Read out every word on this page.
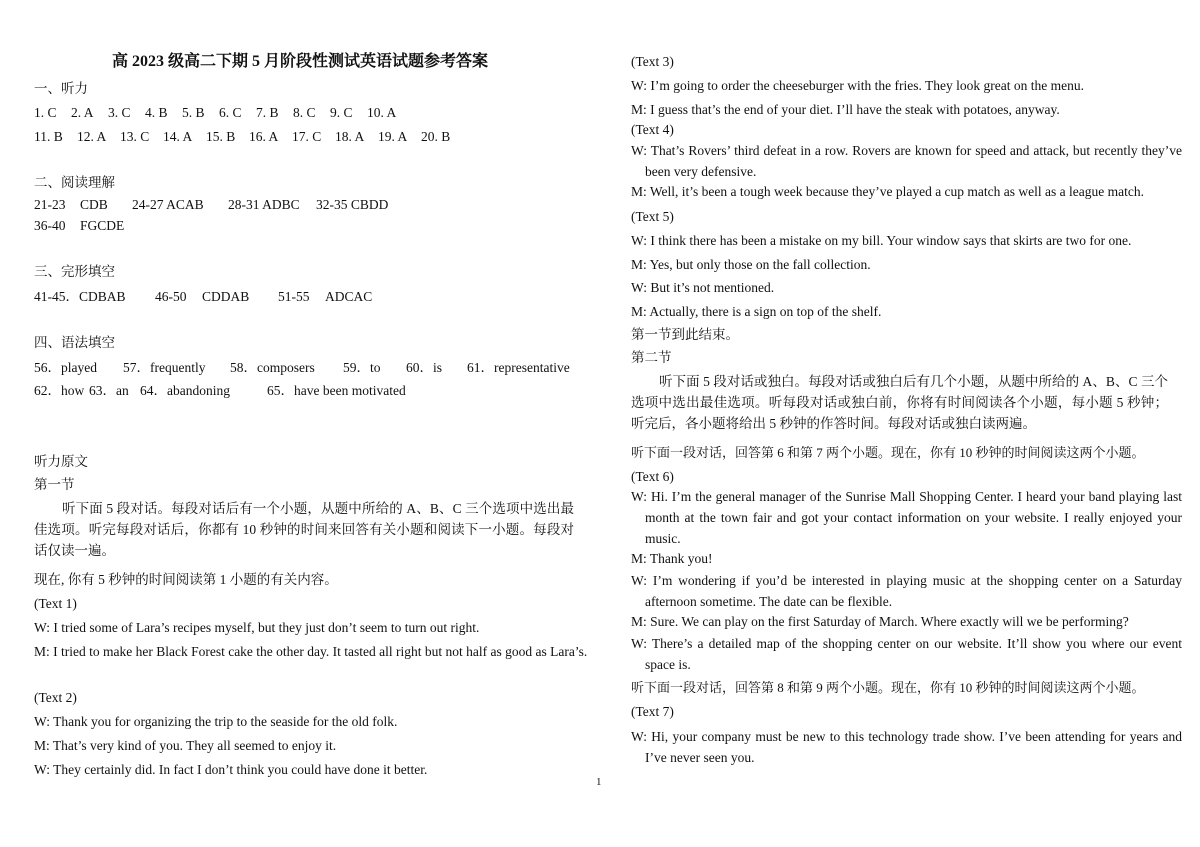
高 2023 级高二下期 5 月阶段性测试英语试题参考答案
一、听力
1. C 2. A 3. C 4. B 5. B 6. C 7. B 8. C 9. C 10. A
11. B 12. A 13. C 14. A 15. B 16. A 17. C 18. A 19. A 20. B
二、阅读理解
21-23 CDB 24-27 ACAB 28-31 ADBC 32-35 CBDD
36-40 FGCDE
三、完形填空
41-45．CDBAB 46-50 CDDAB 51-55 ADCAC
四、语法填空
56．played 57．frequently 58．composers 59．to 60．is 61．representative
62．how 63．an 64．abandoning	65．have been motivated
听力原文
第一节
听下面 5 段对话。每段对话后有一个小题，从题中所给的 A、B、C 三个选项中选出最佳选项。听完每段对话后，你都有 10 秒钟的时间来回答有关小题和阅读下一小题。每段对话仅读一遍。
现在, 你有 5 秒钟的时间阅读第 1 小题的有关内容。
(Text 1)
W: I tried some of Lara’s recipes myself, but they just don’t seem to turn out right.
M: I tried to make her Black Forest cake the other day. It tasted all right but not half as good as Lara’s.
(Text 2)
W: Thank you for organizing the trip to the seaside for the old folk.
M: That’s very kind of you. They all seemed to enjoy it.
W: They certainly did. In fact I don’t think you could have done it better.
(Text 3)
W: I’m going to order the cheeseburger with the fries. They look great on the menu.
M: I guess that’s the end of your diet. I’ll have the steak with potatoes, anyway.
(Text 4)
W: That’s Rovers’ third defeat in a row. Rovers are known for speed and attack, but recently they’ve been very defensive.
M: Well, it’s been a tough week because they’ve played a cup match as well as a league match.
(Text 5)
W: I think there has been a mistake on my bill. Your window says that skirts are two for one.
M: Yes, but only those on the fall collection.
W: But it’s not mentioned.
M: Actually, there is a sign on top of the shelf.
第一节到此结束。
第二节
听下面 5 段对话或独白。每段对话或独白后有几个小题，从题中所给的 A、B、C 三个选项中选出最佳选项。听每段对话或独白前，你将有时间阅读各个小题，每小题 5 秒钟；听完后，各小题将给出 5 秒钟的作答时间。每段对话或独白读两遍。
听下面一段对话，回答第 6 和第 7 两个小题。现在，你有 10 秒钟的时间阅读这两个小题。
(Text 6)
W: Hi. I’m the general manager of the Sunrise Mall Shopping Center. I heard your band playing last month at the town fair and got your contact information on your website. I really enjoyed your music.
M: Thank you!
W: I’m wondering if you’d be interested in playing music at the shopping center on a Saturday afternoon sometime. The date can be flexible.
M: Sure. We can play on the first Saturday of March. Where exactly will we be performing?
W: There’s a detailed map of the shopping center on our website. It’ll show you where our event space is.
听下面一段对话，回答第 8 和第 9 两个小题。现在，你有 10 秒钟的时间阅读这两个小题。
(Text 7)
W: Hi, your company must be new to this technology trade show. I’ve been attending for years and I’ve never seen you.
1
